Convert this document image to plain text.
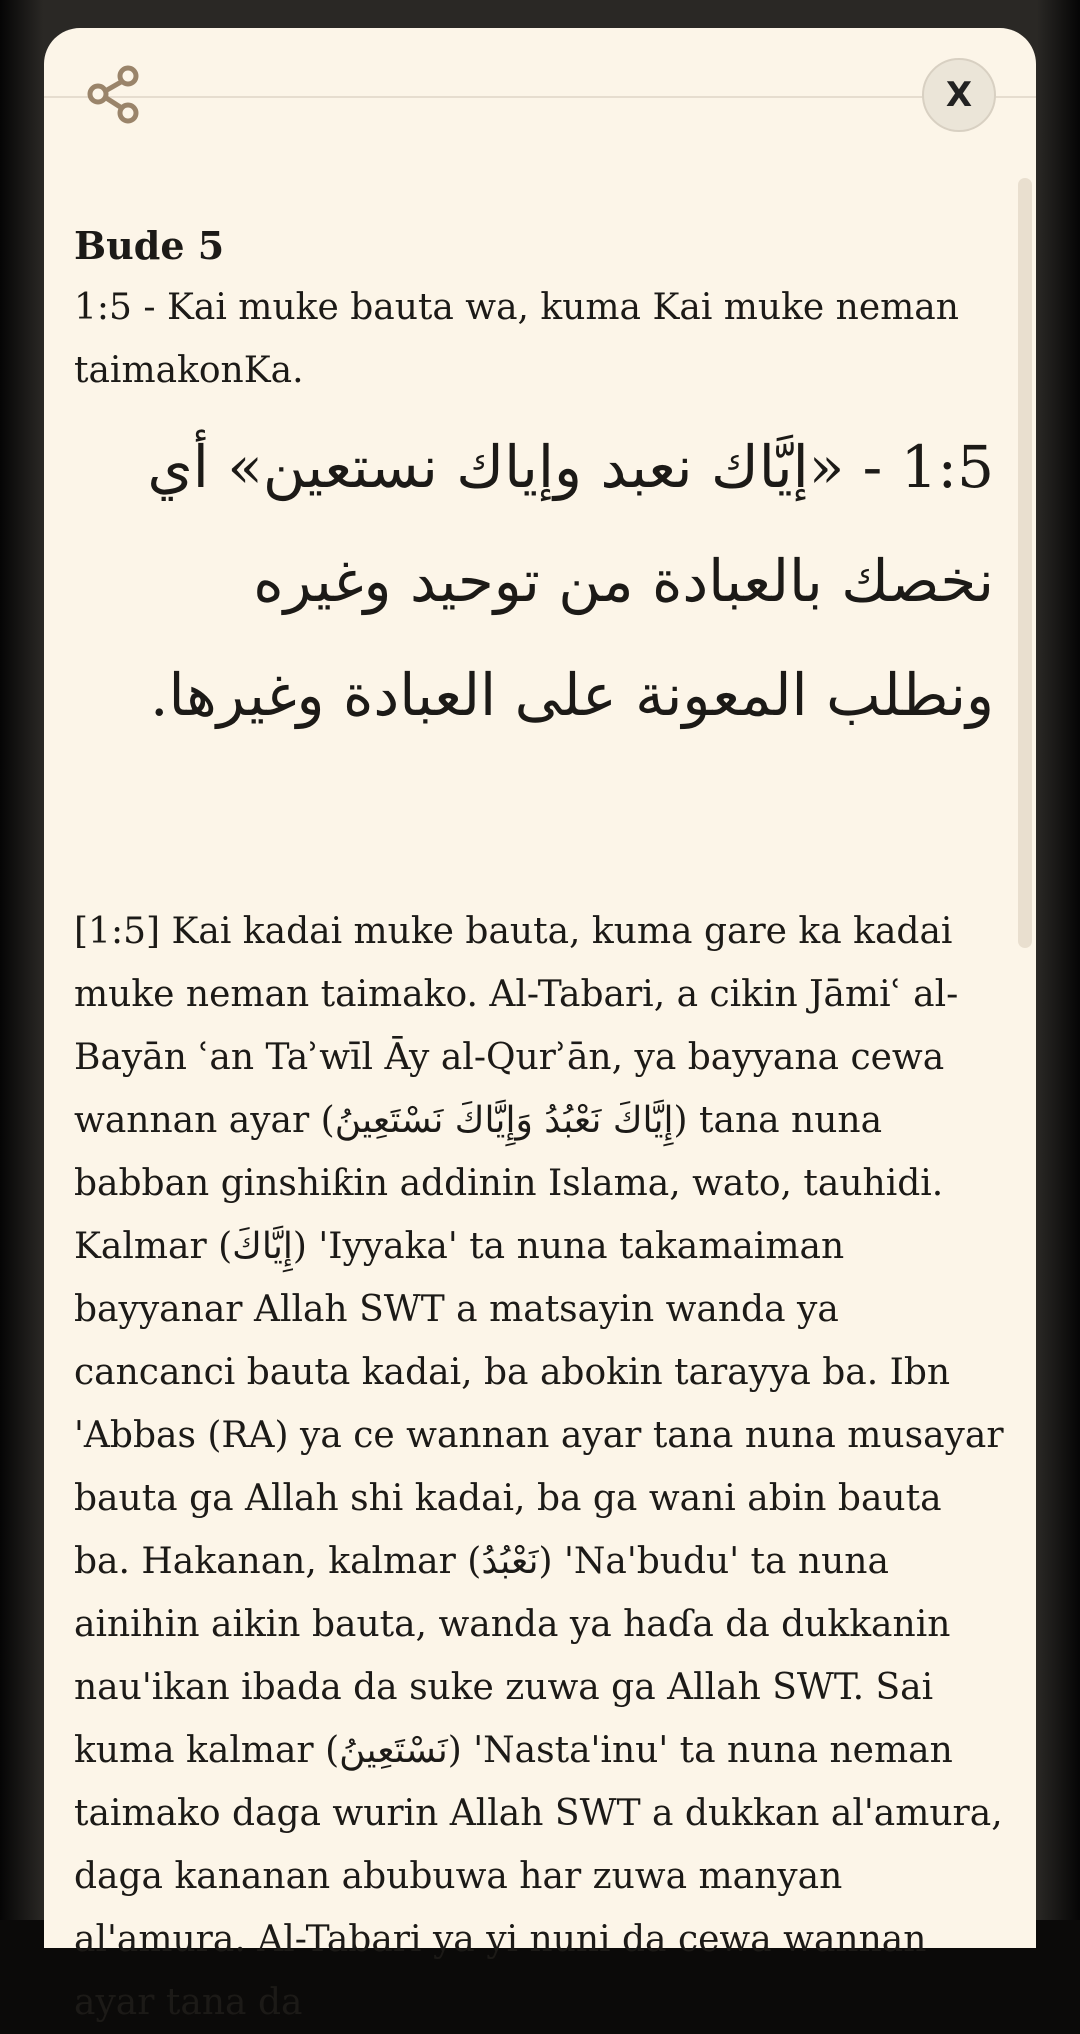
X

Bude 5

1:5 - Kai muke bauta wa, kuma Kai muke neman taimakonKa.

1:5 - «إيَّاك نعبد وإياك نستعين» أي نخصك بالعبادة من توحيد وغيره ونطلب المعونة على العبادة وغيرها.

[1:5] Kai kadai muke bauta, kuma gare ka kadai muke neman taimako. Al-Tabari, a cikin Jāmiʿ al-Bayān ʿan Taʾwīl Āy al-Qurʾān, ya bayyana cewa wannan ayar (إِيَّاكَ نَعْبُدُ وَإِيَّاكَ نَسْتَعِينُ) tana nuna babban ginshiƙin addinin Islama, wato, tauhidi. Kalmar (إِيَّاكَ) 'Iyyaka' ta nuna takamaiman bayyanar Allah SWT a matsayin wanda ya cancanci bauta kadai, ba abokin tarayya ba. Ibn 'Abbas (RA) ya ce wannan ayar tana nuna musayar bauta ga Allah shi kadai, ba ga wani abin bauta ba. Hakanan, kalmar (نَعْبُدُ) 'Na'budu' ta nuna ainihin aikin bauta, wanda ya haɗa da dukkanin nau'ikan ibada da suke zuwa ga Allah SWT. Sai kuma kalmar (نَسْتَعِينُ) 'Nasta'inu' ta nuna neman taimako daga wurin Allah SWT a dukkan al'amura, daga kananan abubuwa har zuwa manyan al'amura. Al-Tabari ya yi nuni da cewa wannan ayar tana da
